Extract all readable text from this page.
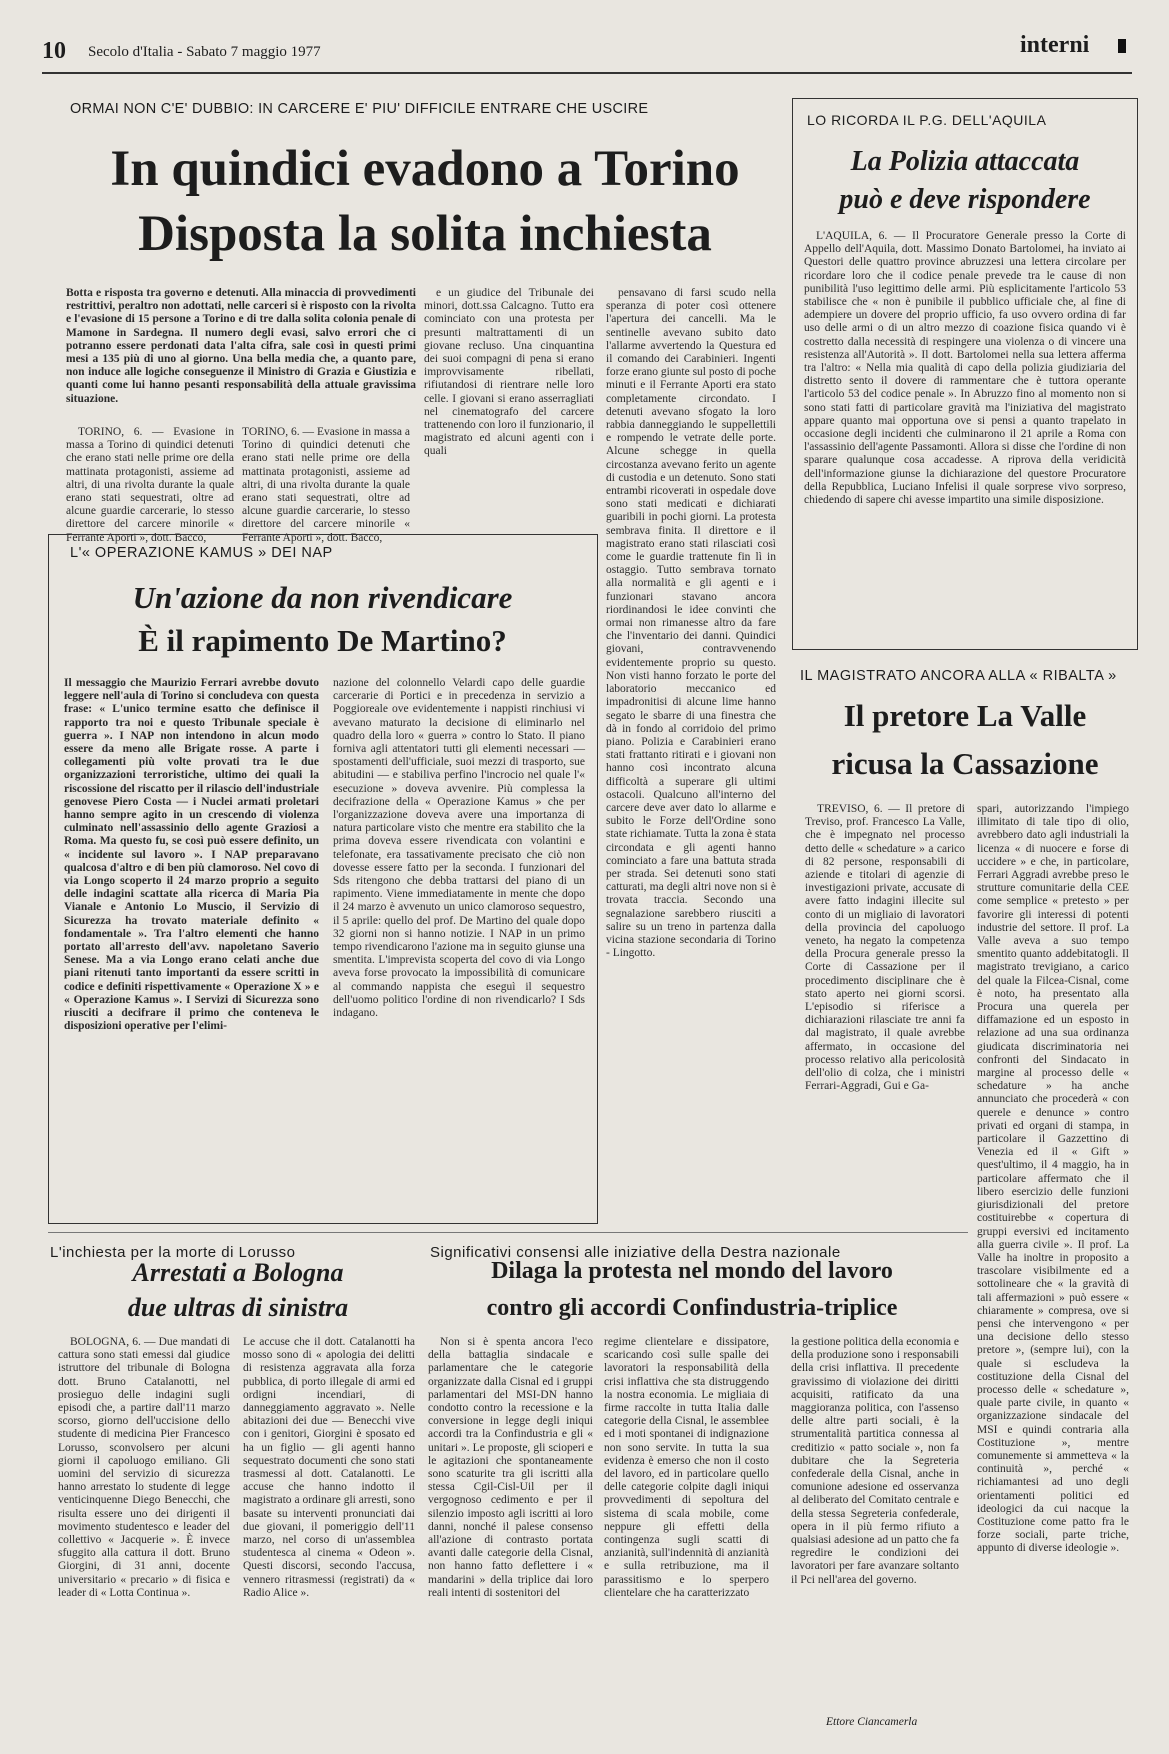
10 Secolo d'Italia - Sabato 7 maggio 1977	interni
ORMAI NON C'E' DUBBIO: IN CARCERE E' PIU' DIFFICILE ENTRARE CHE USCIRE
In quindici evadono a Torino
Disposta la solita inchiesta

Botta e risposta tra governo e detenuti. Alla minaccia di provvedimenti restrittivi, peraltro non adottati, nelle carceri si è risposto con la rivolta e l'evasione di 15 persone a Torino e di tre dalla solita colonia penale di Mamone in Sardegna. Il numero degli evasi, salvo errori che ci potranno essere perdonati data l'alta cifra, sale così in questi primi mesi a 135 più di uno al giorno. Una bella media che, a quanto pare, non induce alle logiche conseguenze il Ministro di Grazia e Giustizia e quanti come lui hanno pesanti responsabilità della attuale gravissima situazione.

TORINO, 6. — Evasione in massa a Torino di quindici detenuti che erano stati nelle prime ore della mattinata protagonisti, assieme ad altri, di una rivolta durante la quale erano stati sequestrati, oltre ad alcune guardie carcerarie, lo stesso direttore del carcere minorile « Ferrante Aporti », dott. Bacco,

TORINO, 6. — Evasione in massa a Torino di quindici detenuti che erano stati nelle prime ore della mattinata protagonisti, assieme ad altri, di una rivolta durante la quale erano stati sequestrati, oltre ad alcune guardie carcerarie, lo stesso direttore del carcere minorile « Ferrante Aporti », dott. Bacco,

e un giudice del Tribunale dei minori, dott.ssa Calcagno. Tutto era cominciato con una protesta per presunti maltrattamenti di un giovane recluso. Una cinquantina dei suoi compagni di pena si erano improvvisamente ribellati, rifiutandosi di rientrare nelle loro celle. I giovani si erano asserragliati nel cinematografo del carcere trattenendo con loro il funzionario, il magistrato ed alcuni agenti con i quali

pensavano di farsi scudo nella speranza di poter così ottenere l'apertura dei cancelli. Ma le sentinelle avevano subito dato l'allarme avvertendo la Questura ed il comando dei Carabinieri. Ingenti forze erano giunte sul posto di poche minuti e il Ferrante Aporti era stato completamente circondato. I detenuti avevano sfogato la loro rabbia danneggiando le suppellettili e rompendo le vetrate delle porte. Alcune schegge in quella circostanza avevano ferito un agente di custodia e un detenuto. Sono stati entrambi ricoverati in ospedale dove sono stati medicati e dichiarati guaribili in pochi giorni. La protesta sembrava finita. Il direttore e il magistrato erano stati rilasciati così come le guardie trattenute fin lì in ostaggio. Tutto sembrava tornato alla normalità e gli agenti e i funzionari stavano ancora riordinandosi le idee convinti che ormai non rimanesse altro da fare che l'inventario dei danni. Quindici giovani, contravvenendo evidentemente proprio su questo. Non visti hanno forzato le porte del laboratorio meccanico ed impadronitisi di alcune lime hanno segato le sbarre di una finestra che dà in fondo al corridoio del primo piano. Polizia e Carabinieri erano stati frattanto ritirati e i giovani non hanno così incontrato alcuna difficoltà a superare gli ultimi ostacoli. Qualcuno all'interno del carcere deve aver dato lo allarme e subito le Forze dell'Ordine sono state richiamate. Tutta la zona è stata circondata e gli agenti hanno cominciato a fare una battuta strada per strada. Sei detenuti sono stati catturati, ma degli altri nove non si è trovata traccia. Secondo una segnalazione sarebbero riusciti a salire su un treno in partenza dalla vicina stazione secondaria di Torino - Lingotto.

L'« OPERAZIONE KAMUS » DEI NAP
Un'azione da non rivendicare
È il rapimento De Martino?

Il messaggio che Maurizio Ferrari avrebbe dovuto leggere nell'aula di Torino si concludeva con questa frase: « L'unico termine esatto che definisce il rapporto tra noi e questo Tribunale speciale è guerra ». I NAP non intendono in alcun modo essere da meno alle Brigate rosse. A parte i collegamenti più volte provati tra le due organizzazioni terroristiche, ultimo dei quali la riscossione del riscatto per il rilascio dell'industriale genovese Piero Costa — i Nuclei armati proletari hanno sempre agito in un crescendo di violenza culminato nell'assassinio dello agente Graziosi a Roma. Ma questo fu, se così può essere definito, un « incidente sul lavoro ». I NAP preparavano qualcosa d'altro e di ben più clamoroso. Nel covo di via Longo scoperto il 24 marzo proprio a seguito delle indagini scattate alla ricerca di Maria Pia Vianale e Antonio Lo Muscio, il Servizio di Sicurezza ha trovato materiale definito « fondamentale ». Tra l'altro elementi che hanno portato all'arresto dell'avv. napoletano Saverio Senese. Ma a via Longo erano celati anche due piani ritenuti tanto importanti da essere scritti in codice e definiti rispettivamente « Operazione X » e « Operazione Kamus ». I Servizi di Sicurezza sono riusciti a decifrare il primo che conteneva le disposizioni operative per l'elimi-

nazione del colonnello Velardi capo delle guardie carcerarie di Portici e in precedenza in servizio a Poggioreale ove evidentemente i nappisti rinchiusi vi avevano maturato la decisione di eliminarlo nel quadro della loro « guerra » contro lo Stato. Il piano forniva agli attentatori tutti gli elementi necessari — spostamenti dell'ufficiale, suoi mezzi di trasporto, sue abitudini — e stabiliva perfino l'incrocio nel quale l'« esecuzione » doveva avvenire. Più complessa la decifrazione della « Operazione Kamus » che per l'organizzazione doveva avere una importanza di natura particolare visto che mentre era stabilito che la prima doveva essere rivendicata con volantini e telefonate, era tassativamente precisato che ciò non dovesse essere fatto per la seconda. I funzionari del Sds ritengono che debba trattarsi del piano di un rapimento. Viene immediatamente in mente che dopo il 24 marzo è avvenuto un unico clamoroso sequestro, il 5 aprile: quello del prof. De Martino del quale dopo 32 giorni non si hanno notizie. I NAP in un primo tempo rivendicarono l'azione ma in seguito giunse una smentita. L'imprevista scoperta del covo di via Longo aveva forse provocato la impossibilità di comunicare al commando nappista che eseguì il sequestro dell'uomo politico l'ordine di non rivendicarlo? I Sds indagano.

LO RICORDA IL P.G. DELL'AQUILA
La Polizia attaccata
può e deve rispondere

L'AQUILA, 6. — Il Procuratore Generale presso la Corte di Appello dell'Aquila, dott. Massimo Donato Bartolomei, ha inviato ai Questori delle quattro province abruzzesi una lettera circolare per ricordare loro che il codice penale prevede tra le cause di non punibilità l'uso legittimo delle armi. Più esplicitamente l'articolo 53 stabilisce che « non è punibile il pubblico ufficiale che, al fine di adempiere un dovere del proprio ufficio, fa uso ovvero ordina di far uso delle armi o di un altro mezzo di coazione fisica quando vi è costretto dalla necessità di respingere una violenza o di vincere una resistenza all'Autorità ». Il dott. Bartolomei nella sua lettera afferma tra l'altro: « Nella mia qualità di capo della polizia giudiziaria del distretto sento il dovere di rammentare che è tuttora operante l'articolo 53 del codice penale ». In Abruzzo fino al momento non si sono stati fatti di particolare gravità ma l'iniziativa del magistrato appare quanto mai opportuna ove si pensi a quanto trapelato in occasione degli incidenti che culminarono il 21 aprile a Roma con l'assassinio dell'agente Passamonti. Allora si disse che l'ordine di non sparare qualunque cosa accadesse. A riprova della veridicità dell'informazione giunse la dichiarazione del questore Procuratore della Repubblica, Luciano Infelisi il quale sorprese vivo sorpreso, chiedendo di sapere chi avesse impartito una simile disposizione.

IL MAGISTRATO ANCORA ALLA « RIBALTA »
Il pretore La Valle
ricusa la Cassazione

TREVISO, 6. — Il pretore di Treviso, prof. Francesco La Valle, che è impegnato nel processo detto delle « schedature » a carico di 82 persone, responsabili di aziende e titolari di agenzie di investigazioni private, accusate di avere fatto indagini illecite sul conto di un migliaio di lavoratori della provincia del capoluogo veneto, ha negato la competenza della Procura generale presso la Corte di Cassazione per il procedimento disciplinare che è stato aperto nei giorni scorsi. L'episodio si riferisce a dichiarazioni rilasciate tre anni fa dal magistrato, il quale avrebbe affermato, in occasione del processo relativo alla pericolosità dell'olio di colza, che i ministri Ferrari-Aggradi, Gui e Ga-

spari, autorizzando l'impiego illimitato di tale tipo di olio, avrebbero dato agli industriali la licenza « di nuocere e forse di uccidere » e che, in particolare, Ferrari Aggradi avrebbe preso le strutture comunitarie della CEE come semplice « pretesto » per favorire gli interessi di potenti industrie del settore. Il prof. La Valle aveva a suo tempo smentito quanto addebitatogli. Il magistrato trevigiano, a carico del quale la Filcea-Cisnal, come è noto, ha presentato alla Procura una querela per diffamazione ed un esposto in relazione ad una sua ordinanza giudicata discriminatoria nei confronti del Sindacato in margine al processo delle « schedature » ha anche annunciato che procederà « con querele e denunce » contro privati ed organi di stampa, in particolare il Gazzettino di Venezia ed il « Gift » quest'ultimo, il 4 maggio, ha in particolare affermato che il libero esercizio delle funzioni giurisdizionali del pretore costituirebbe « copertura di gruppi eversivi ed incitamento alla guerra civile ». Il prof. La Valle ha inoltre in proposito a trascolare visibilmente ed a sottolineare che « la gravità di tali affermazioni » può essere « chiaramente » compresa, ove si pensi che intervengono « per una decisione dello stesso pretore », (sempre lui), con la quale si escludeva la costituzione della Cisnal del processo delle « schedature », quale parte civile, in quanto « organizzazione sindacale del MSI e quindi contraria alla Costituzione », mentre comunemente si ammetteva « la continuità », perché « richiamantesi ad uno degli orientamenti politici ed ideologici da cui nacque la Costituzione come patto fra le forze sociali, parte triche, appunto di diverse ideologie ».

L'inchiesta per la morte di Lorusso
Arrestati a Bologna
due ultras di sinistra

BOLOGNA, 6. — Due mandati di cattura sono stati emessi dal giudice istruttore del tribunale di Bologna dott. Bruno Catalanotti, nel prosieguo delle indagini sugli episodi che, a partire dall'11 marzo scorso, giorno dell'uccisione dello studente di medicina Pier Francesco Lorusso, sconvolsero per alcuni giorni il capoluogo emiliano. Gli uomini del servizio di sicurezza hanno arrestato lo studente di legge venticinquenne Diego Benecchi, che risulta essere uno dei dirigenti il movimento studentesco e leader del collettivo « Jacquerie ». È invece sfuggito alla cattura il dott. Bruno Giorgini, di 31 anni, docente universitario « precario » di fisica e leader di « Lotta Continua ».

Le accuse che il dott. Catalanotti ha mosso sono di « apologia dei delitti di resistenza aggravata alla forza pubblica, di porto illegale di armi ed ordigni incendiari, di danneggiamento aggravato ». Nelle abitazioni dei due — Benecchi vive con i genitori, Giorgini è sposato ed ha un figlio — gli agenti hanno sequestrato documenti che sono stati trasmessi al dott. Catalanotti. Le accuse che hanno indotto il magistrato a ordinare gli arresti, sono basate su interventi pronunciati dai due giovani, il pomeriggio dell'11 marzo, nel corso di un'assemblea studentesca al cinema « Odeon ». Questi discorsi, secondo l'accusa, vennero ritrasmessi (registrati) da « Radio Alice ».

Significativi consensi alle iniziative della Destra nazionale
Dilaga la protesta nel mondo del lavoro
contro gli accordi Confindustria-triplice

Non si è spenta ancora l'eco della battaglia sindacale e parlamentare che le categorie organizzate dalla Cisnal ed i gruppi parlamentari del MSI-DN hanno condotto contro la recessione e la conversione in legge degli iniqui accordi tra la Confindustria e gli « unitari ». Le proposte, gli scioperi e le agitazioni che spontaneamente sono scaturite tra gli iscritti alla stessa Cgil-Cisl-Uil per il vergognoso cedimento e per il silenzio imposto agli iscritti ai loro danni, nonché il palese consenso all'azione di contrasto portata avanti dalle categorie della Cisnal, non hanno fatto deflettere i « mandarini » della triplice dai loro reali intenti di sostenitori del

regime clientelare e dissipatore, scaricando così sulle spalle dei lavoratori la responsabilità della crisi inflattiva che sta distruggendo la nostra economia. Le migliaia di firme raccolte in tutta Italia dalle categorie della Cisnal, le assemblee ed i moti spontanei di indignazione non sono servite. In tutta la sua evidenza è emerso che non il costo del lavoro, ed in particolare quello delle categorie colpite dagli iniqui provvedimenti di sepoltura del sistema di scala mobile, come neppure gli effetti della contingenza sugli scatti di anzianità, sull'indennità di anzianità e sulla retribuzione, ma il parassitismo e lo sperpero clientelare che ha caratterizzato

la gestione politica della economia e della produzione sono i responsabili della crisi inflattiva. Il precedente gravissimo di violazione dei diritti acquisiti, ratificato da una maggioranza politica, con l'assenso delle altre parti sociali, è la strumentalità partitica connessa al creditizio « patto sociale », non fa dubitare che la Segreteria confederale della Cisnal, anche in comunione adesione ed osservanza al deliberato del Comitato centrale e della stessa Segreteria confederale, opera in il più fermo rifiuto a qualsiasi adesione ad un patto che fa regredire le condizioni dei lavoratori per fare avanzare soltanto il Pci nell'area del governo.

Ettore Ciancamerla
